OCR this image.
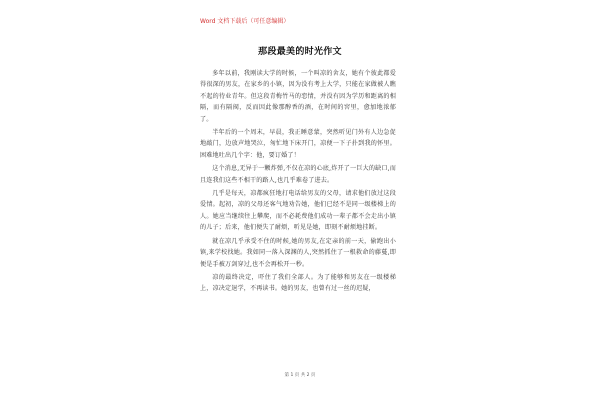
Word 文档下载后（可任意编辑）
那段最美的时光作文

多年以前，我刚读大学的时候，一个叫凉的舍友，她有个彼此都爱得很深的男友，在家乡的小镇，因为没有考上大学，只能在家做被人瞧不起的待业青年。但这段青梅竹马的恋情，并没有因为学历和距离的相隔，而有隔阂，反而因此像那醇香的酒，在时间的窖里，愈加地浓郁了。

半年后的一个周末，早晨，我正睡意蒙，突然听见门外有人边急促地敲门，边放声地哭泣，匆忙地下床开门，凉便一下子扑到我的怀里。困难地吐出几个字：他，要订婚了！

这个消息,无异于一颗炸弹,不仅在凉的心底,炸开了一巨大的缺口,而且连我们这些不相干的路人,也几乎难卷了进去。

几乎是每天，凉都疯狂地打电话给男友的父母，请求他们放过这段爱情。起初，凉的父母还客气地劝告她，他们已经不是同一级楼梯上的人。她应当继续往上攀爬，而不必耗费他们成功一辈子都不会走出小镇的儿子；后来，他们便失了耐烦，听见是她，即刻不耐烦地挂断。

就在凉几乎承受不住的时候,她的男友,在定亲的前一天，偷跑出小镇,来学校找她。我如同一落入深渊的人,突然抓住了一根救命的藤蔓,即便是手被万剑穿过,也不会再松开一秒。

凉的最终决定，吓住了我们全部人。为了能够和男友在一级楼梯上，凉决定退学，不再读书。她的男友，也曾有过一丝的迟疑，

第 1 页 共 2 页
